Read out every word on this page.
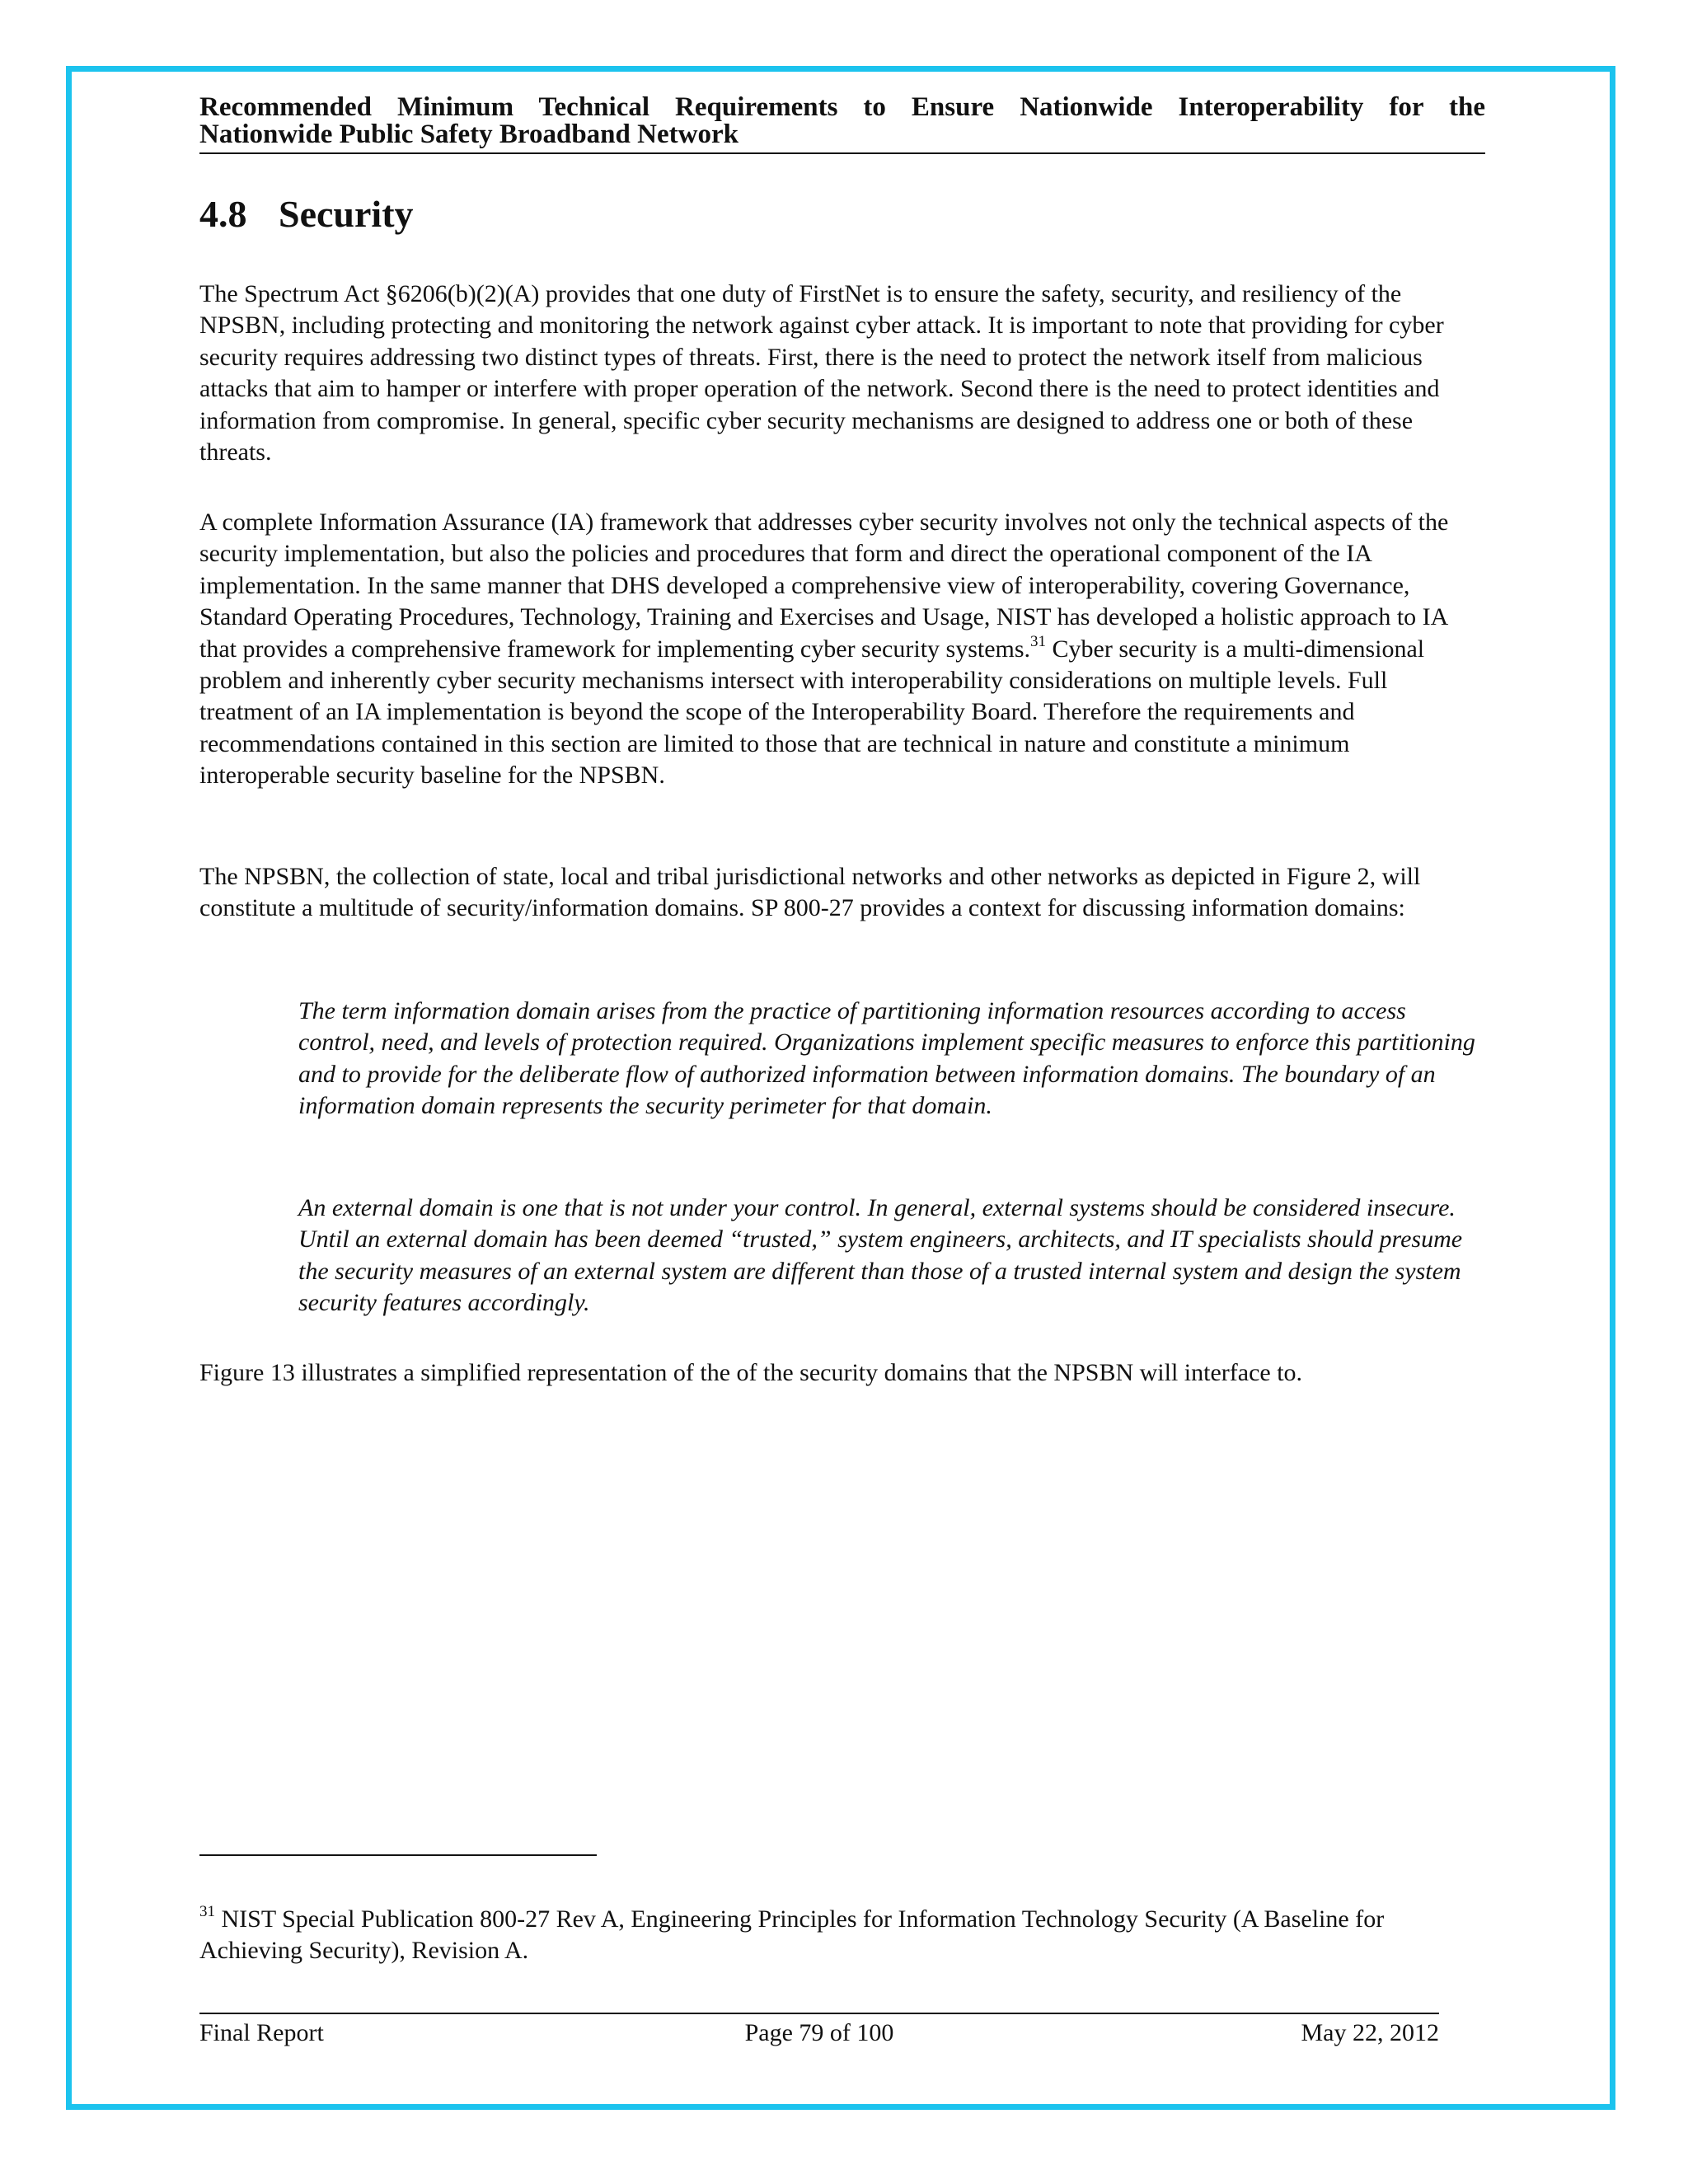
Recommended Minimum Technical Requirements to Ensure Nationwide Interoperability for the
Nationwide Public Safety Broadband Network
4.8 Security

The Spectrum Act §6206(b)(2)(A) provides that one duty of FirstNet is to ensure the safety, security, and resiliency of the NPSBN, including protecting and monitoring the network against cyber attack. It is important to note that providing for cyber security requires addressing two distinct types of threats. First, there is the need to protect the network itself from malicious attacks that aim to hamper or interfere with proper operation of the network. Second there is the need to protect identities and information from compromise. In general, specific cyber security mechanisms are designed to address one or both of these threats.

A complete Information Assurance (IA) framework that addresses cyber security involves not only the technical aspects of the security implementation, but also the policies and procedures that form and direct the operational component of the IA implementation. In the same manner that DHS developed a comprehensive view of interoperability, covering Governance, Standard Operating Procedures, Technology, Training and Exercises and Usage, NIST has developed a holistic approach to IA that provides a comprehensive framework for implementing cyber security systems.$^{31}$ Cyber security is a multi-dimensional problem and inherently cyber security mechanisms intersect with interoperability considerations on multiple levels. Full treatment of an IA implementation is beyond the scope of the Interoperability Board. Therefore the requirements and recommendations contained in this section are limited to those that are technical in nature and constitute a minimum interoperable security baseline for the NPSBN.

The NPSBN, the collection of state, local and tribal jurisdictional networks and other networks as depicted in Figure 2, will constitute a multitude of security/information domains. SP 800-27 provides a context for discussing information domains:

The term information domain arises from the practice of partitioning information resources according to access control, need, and levels of protection required. Organizations implement specific measures to enforce this partitioning and to provide for the deliberate flow of authorized information between information domains. The boundary of an information domain represents the security perimeter for that domain.

An external domain is one that is not under your control. In general, external systems should be considered insecure. Until an external domain has been deemed “trusted,” system engineers, architects, and IT specialists should presume the security measures of an external system are different than those of a trusted internal system and design the system security features accordingly.

Figure 13 illustrates a simplified representation of the of the security domains that the NPSBN will interface to.

$^{31}$ NIST Special Publication 800-27 Rev A, Engineering Principles for Information Technology Security (A Baseline for Achieving Security), Revision A.

Final Report	Page 79 of 100	May 22, 2012
